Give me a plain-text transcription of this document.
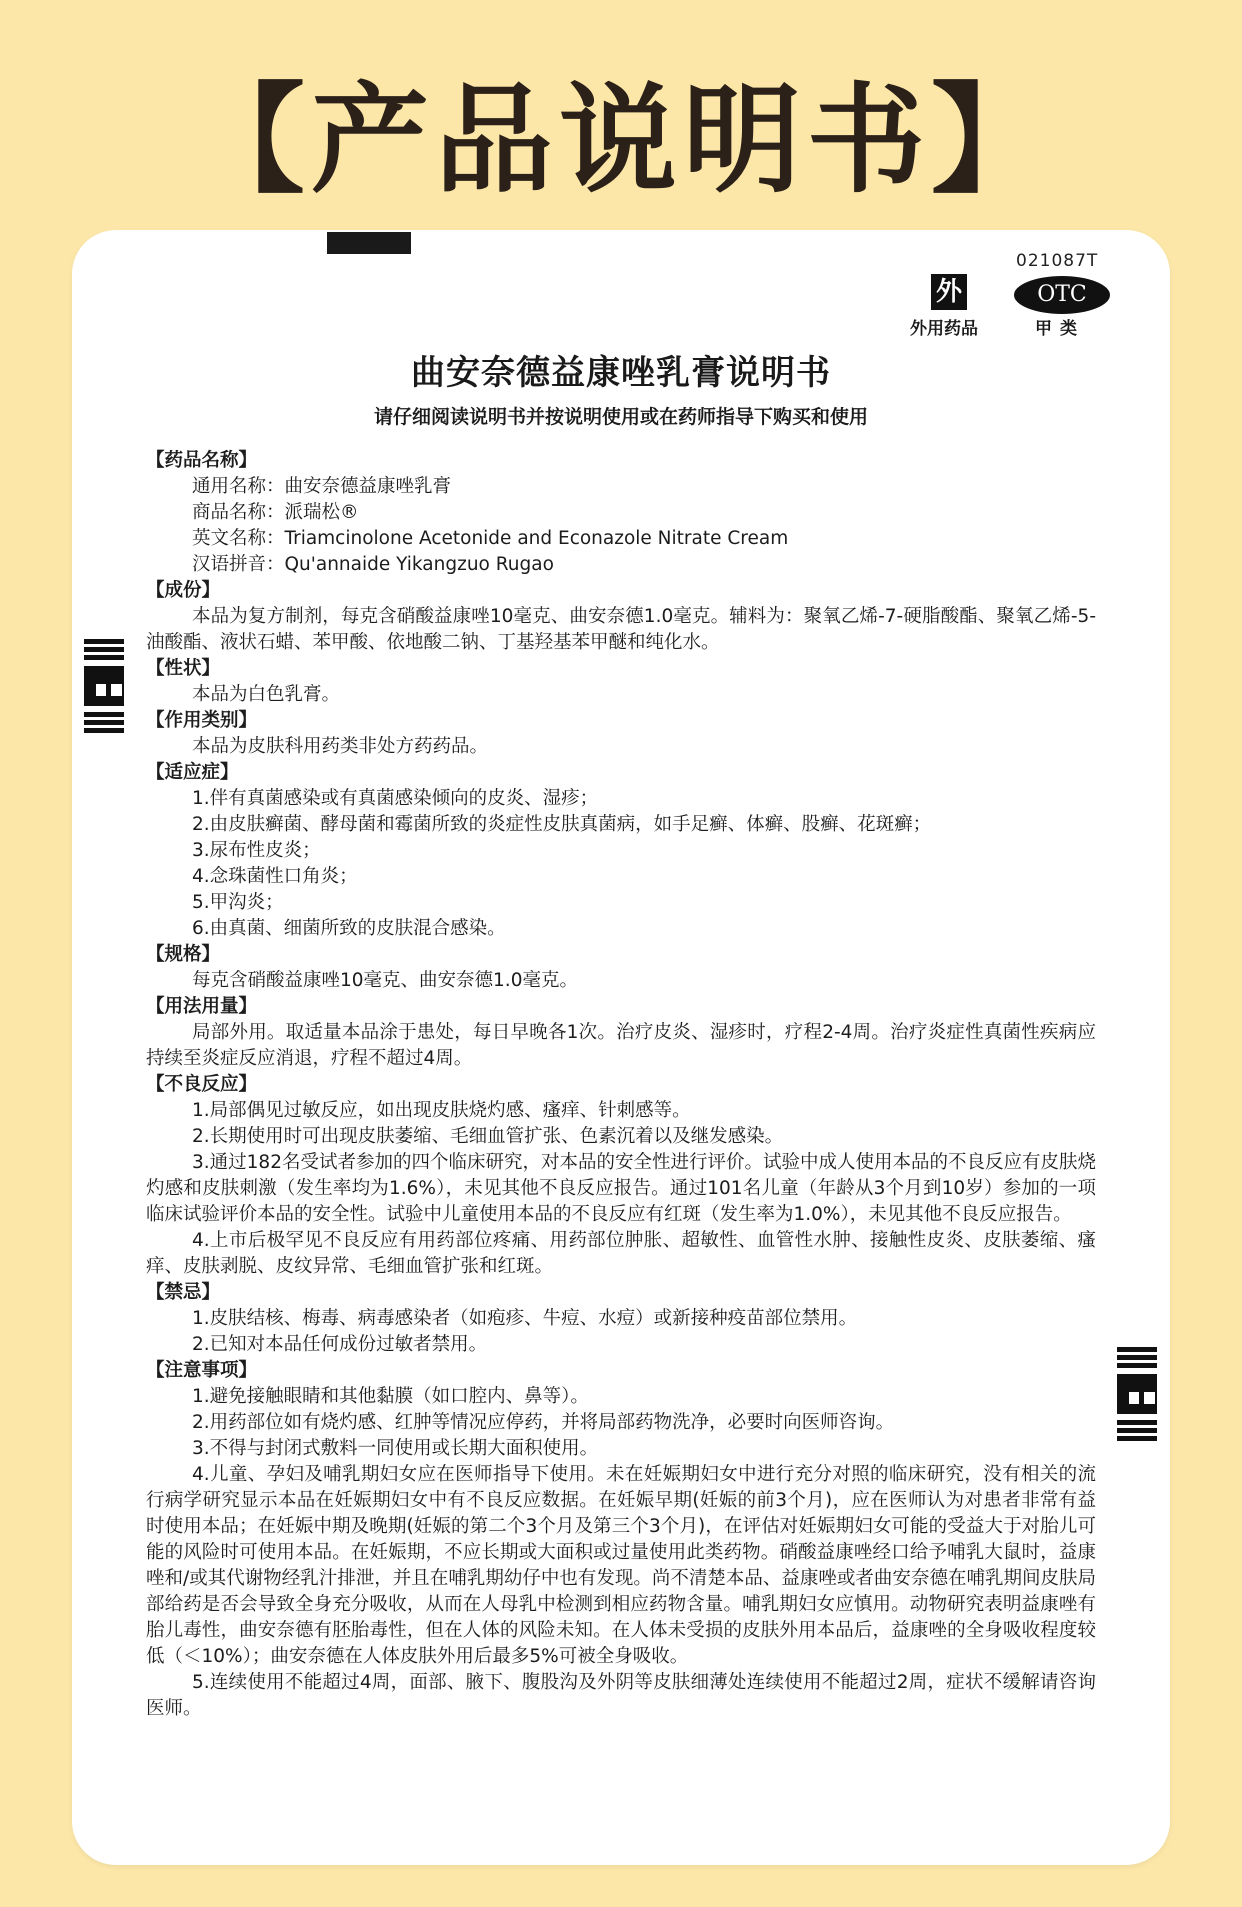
【产品说明书】
021087T
外
外用药品
OTC
甲类
曲安奈德益康唑乳膏说明书
请仔细阅读说明书并按说明使用或在药师指导下购买和使用

【药品名称】

通用名称：曲安奈德益康唑乳膏

商品名称：派瑞松®

英文名称：Triamcinolone Acetonide and Econazole Nitrate Cream

汉语拼音：Qu'annaide Yikangzuo Rugao

【成份】

本品为复方制剂，每克含硝酸益康唑10毫克、曲安奈德1.0毫克。辅料为：聚氧乙烯-7-硬脂酸酯、聚氧乙烯-5-油酸酯、液状石蜡、苯甲酸、依地酸二钠、丁基羟基苯甲醚和纯化水。

【性状】

本品为白色乳膏。

【作用类别】

本品为皮肤科用药类非处方药药品。

【适应症】

1.伴有真菌感染或有真菌感染倾向的皮炎、湿疹；

2.由皮肤癣菌、酵母菌和霉菌所致的炎症性皮肤真菌病，如手足癣、体癣、股癣、花斑癣；

3.尿布性皮炎；

4.念珠菌性口角炎；

5.甲沟炎；

6.由真菌、细菌所致的皮肤混合感染。

【规格】

每克含硝酸益康唑10毫克、曲安奈德1.0毫克。

【用法用量】

局部外用。取适量本品涂于患处，每日早晚各1次。治疗皮炎、湿疹时，疗程2-4周。治疗炎症性真菌性疾病应持续至炎症反应消退，疗程不超过4周。

【不良反应】

1.局部偶见过敏反应，如出现皮肤烧灼感、瘙痒、针刺感等。

2.长期使用时可出现皮肤萎缩、毛细血管扩张、色素沉着以及继发感染。

3.通过182名受试者参加的四个临床研究，对本品的安全性进行评价。试验中成人使用本品的不良反应有皮肤烧灼感和皮肤刺激（发生率均为1.6%），未见其他不良反应报告。通过101名儿童（年龄从3个月到10岁）参加的一项临床试验评价本品的安全性。试验中儿童使用本品的不良反应有红斑（发生率为1.0%），未见其他不良反应报告。

4.上市后极罕见不良反应有用药部位疼痛、用药部位肿胀、超敏性、血管性水肿、接触性皮炎、皮肤萎缩、瘙痒、皮肤剥脱、皮纹异常、毛细血管扩张和红斑。

【禁忌】

1.皮肤结核、梅毒、病毒感染者（如疱疹、牛痘、水痘）或新接种疫苗部位禁用。

2.已知对本品任何成份过敏者禁用。

【注意事项】

1.避免接触眼睛和其他黏膜（如口腔内、鼻等）。

2.用药部位如有烧灼感、红肿等情况应停药，并将局部药物洗净，必要时向医师咨询。

3.不得与封闭式敷料一同使用或长期大面积使用。

4.儿童、孕妇及哺乳期妇女应在医师指导下使用。未在妊娠期妇女中进行充分对照的临床研究，没有相关的流行病学研究显示本品在妊娠期妇女中有不良反应数据。在妊娠早期(妊娠的前3个月)，应在医师认为对患者非常有益时使用本品；在妊娠中期及晚期(妊娠的第二个3个月及第三个3个月)，在评估对妊娠期妇女可能的受益大于对胎儿可能的风险时可使用本品。在妊娠期，不应长期或大面积或过量使用此类药物。硝酸益康唑经口给予哺乳大鼠时，益康唑和/或其代谢物经乳汁排泄，并且在哺乳期幼仔中也有发现。尚不清楚本品、益康唑或者曲安奈德在哺乳期间皮肤局部给药是否会导致全身充分吸收，从而在人母乳中检测到相应药物含量。哺乳期妇女应慎用。动物研究表明益康唑有胎儿毒性，曲安奈德有胚胎毒性，但在人体的风险未知。在人体未受损的皮肤外用本品后，益康唑的全身吸收程度较低（＜10%）；曲安奈德在人体皮肤外用后最多5%可被全身吸收。

5.连续使用不能超过4周，面部、腋下、腹股沟及外阴等皮肤细薄处连续使用不能超过2周，症状不缓解请咨询医师。
